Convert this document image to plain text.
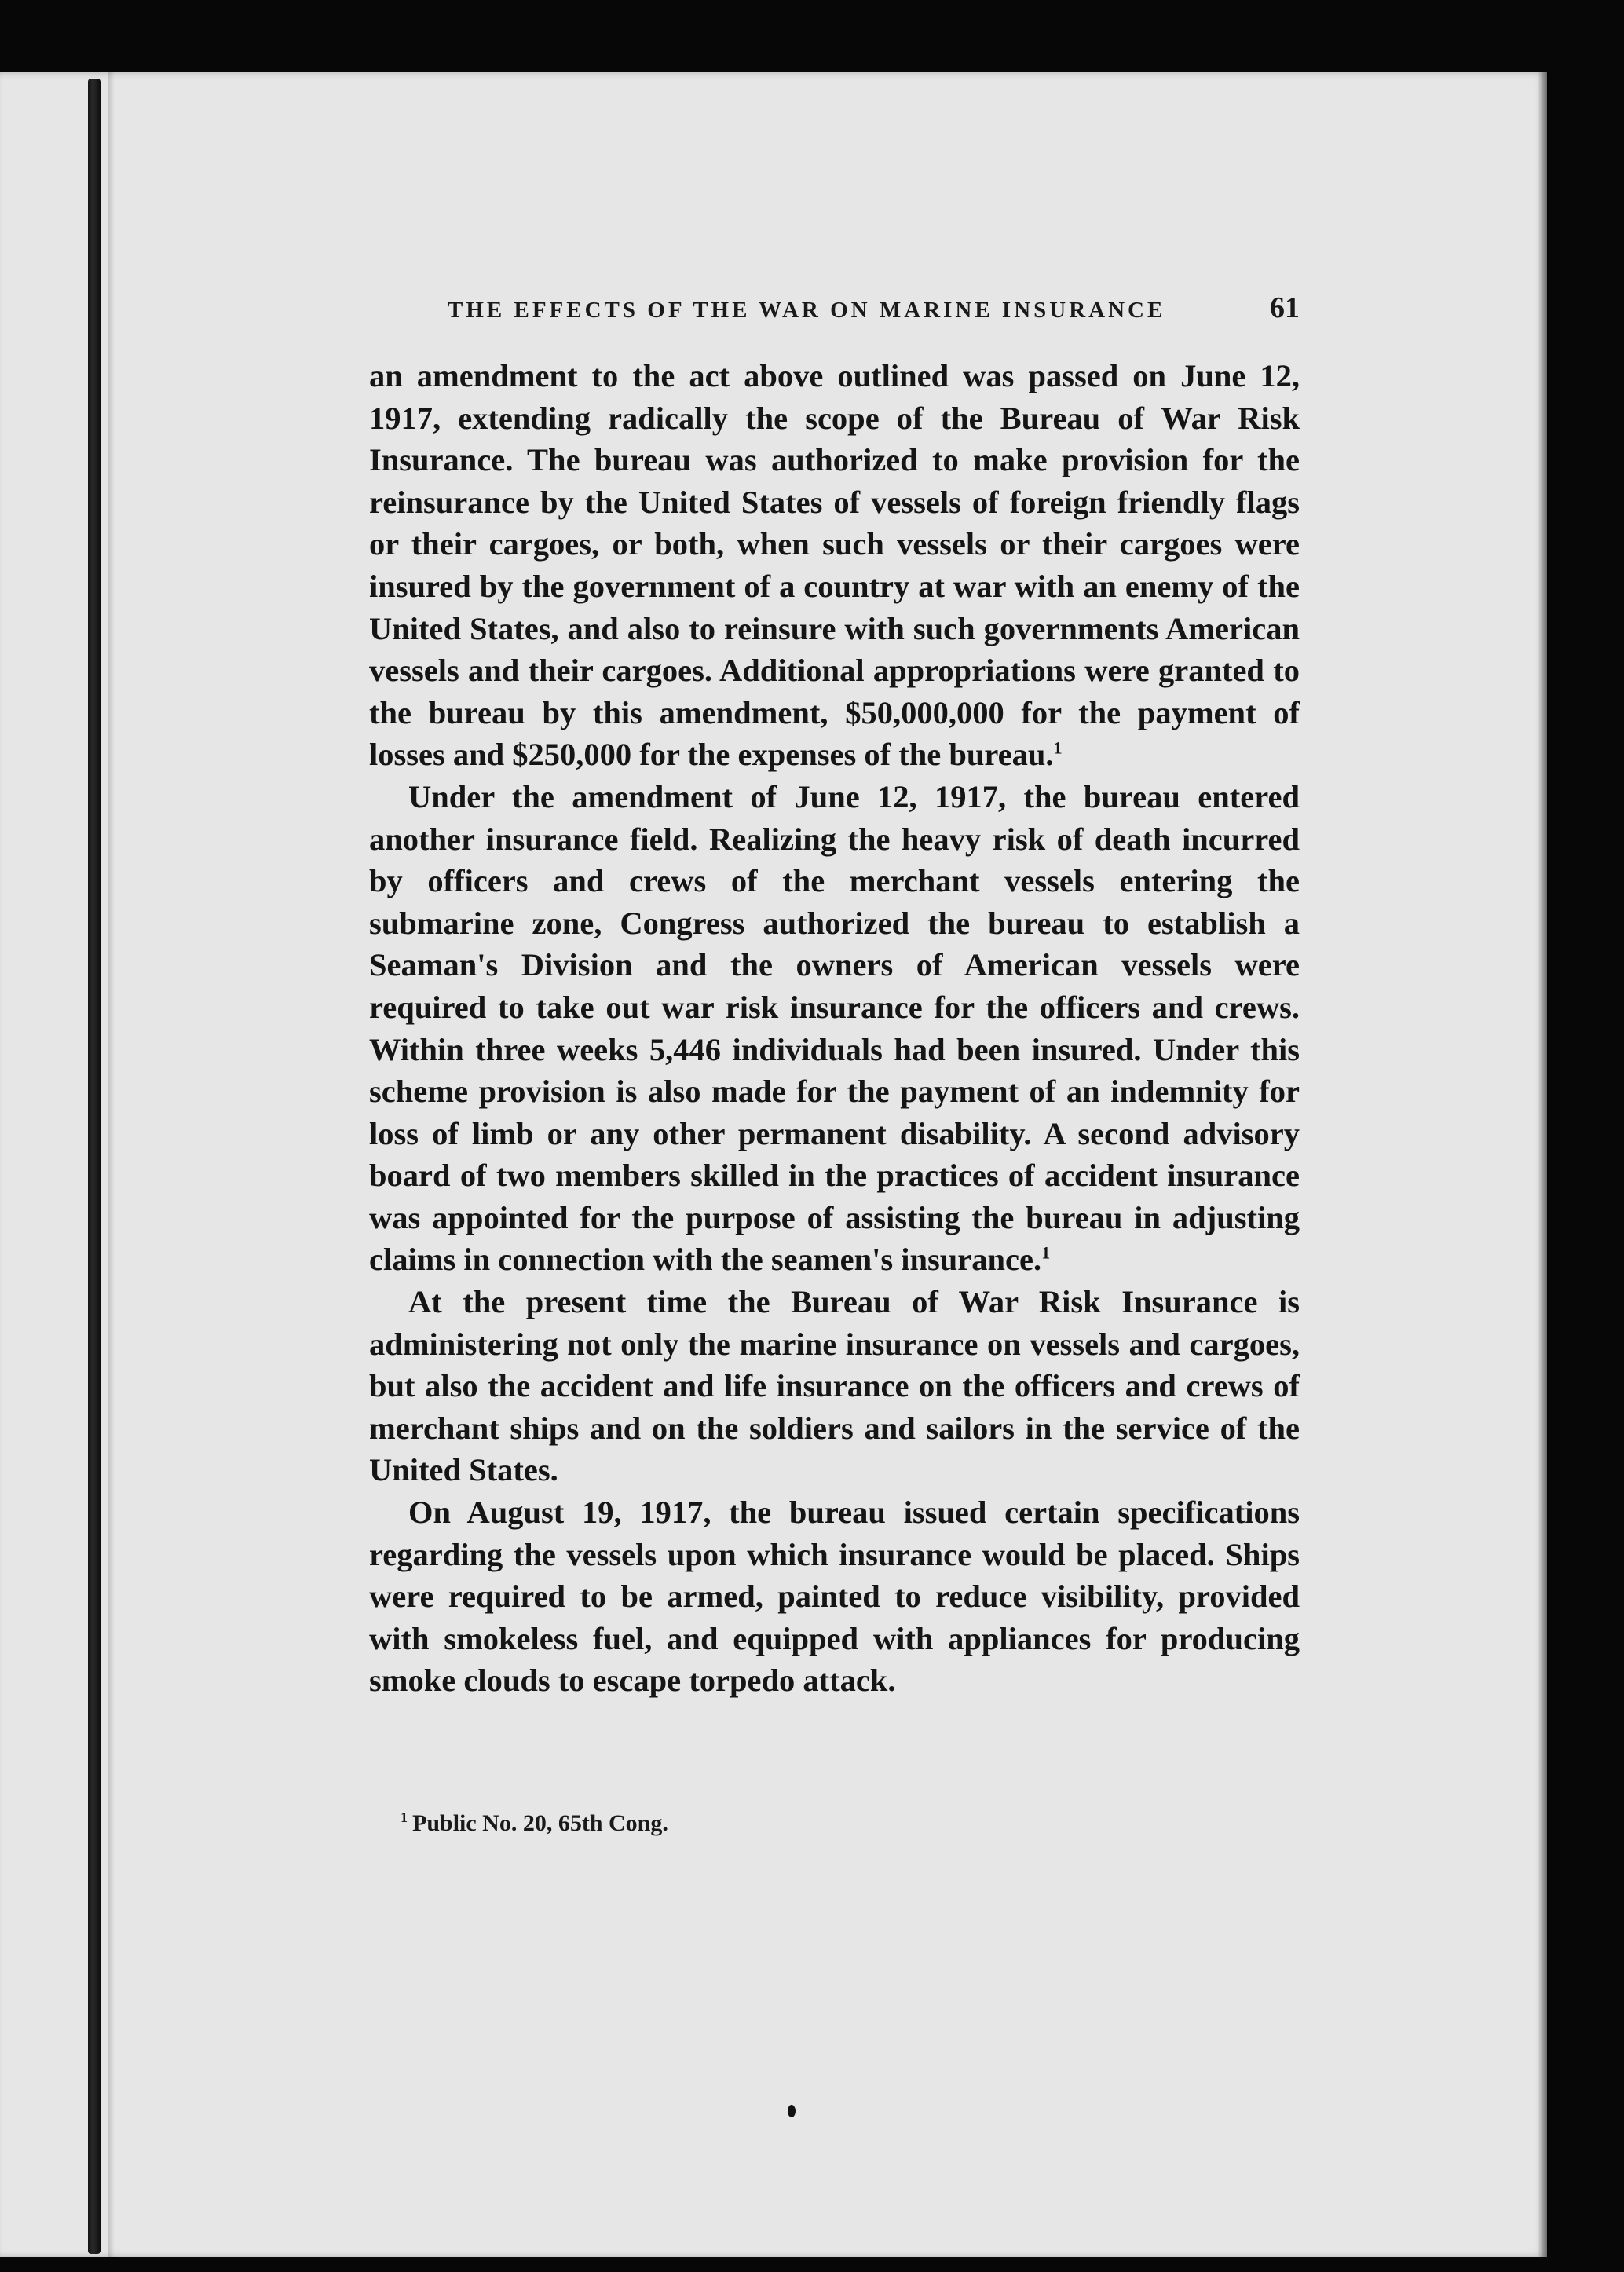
THE EFFECTS OF THE WAR ON MARINE INSURANCE	61

an amendment to the act above outlined was passed on June 12, 1917, extending radically the scope of the Bureau of War Risk Insurance. The bureau was authorized to make provision for the reinsurance by the United States of vessels of foreign friendly flags or their cargoes, or both, when such vessels or their cargoes were insured by the government of a country at war with an enemy of the United States, and also to reinsure with such governments American vessels and their cargoes. Additional appropriations were granted to the bureau by this amendment, $50,000,000 for the payment of losses and $250,000 for the expenses of the bureau.$^1$

Under the amendment of June 12, 1917, the bureau entered another insurance field. Realizing the heavy risk of death incurred by officers and crews of the merchant vessels entering the submarine zone, Congress authorized the bureau to establish a Seaman's Division and the owners of American vessels were required to take out war risk insurance for the officers and crews. Within three weeks 5,446 individuals had been insured. Under this scheme provision is also made for the payment of an indemnity for loss of limb or any other permanent disability. A second advisory board of two members skilled in the practices of accident insurance was appointed for the purpose of assisting the bureau in adjusting claims in connection with the seamen's insurance.$^1$

At the present time the Bureau of War Risk Insurance is administering not only the marine insurance on vessels and cargoes, but also the accident and life insurance on the officers and crews of merchant ships and on the soldiers and sailors in the service of the United States.

On August 19, 1917, the bureau issued certain specifications regarding the vessels upon which insurance would be placed. Ships were required to be armed, painted to reduce visibility, provided with smokeless fuel, and equipped with appliances for producing smoke clouds to escape torpedo attack.

$^1$ Public No. 20, 65th Cong.
